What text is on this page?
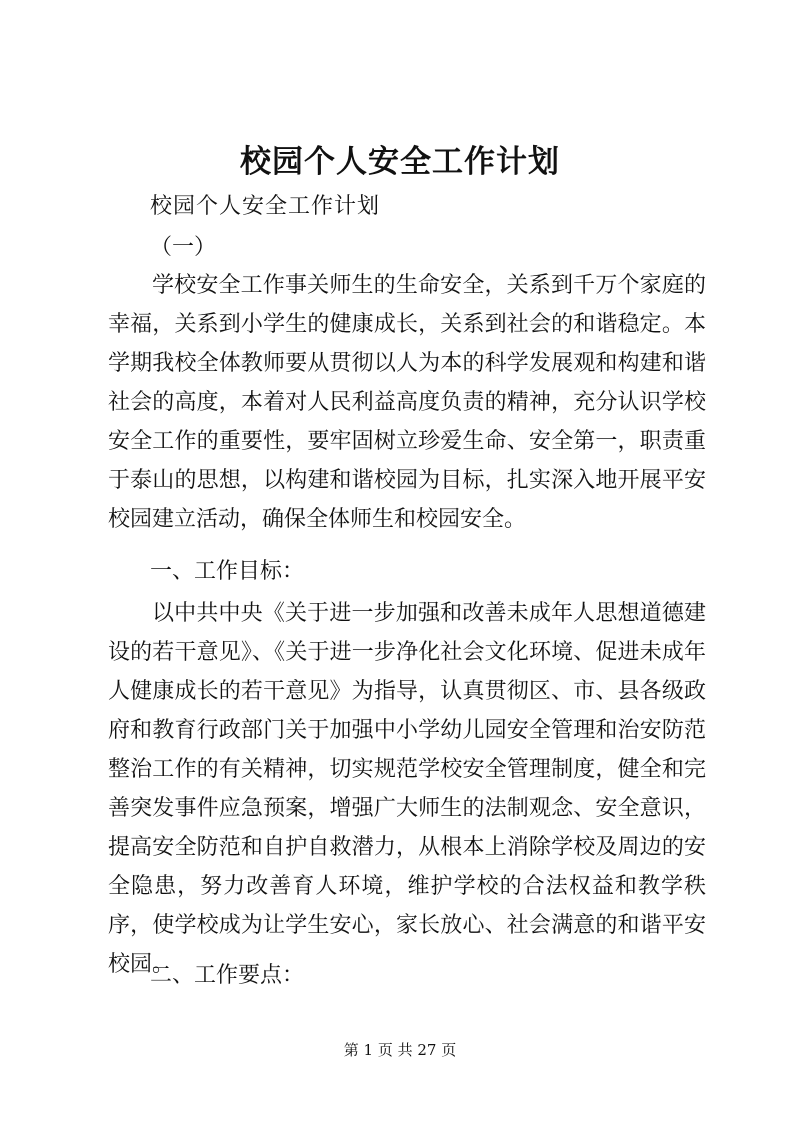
校园个人安全工作计划
校园个人安全工作计划
（一）

学校安全工作事关师生的生命安全，关系到千万个家庭的幸福，关系到小学生的健康成长，关系到社会的和谐稳定。本学期我校全体教师要从贯彻以人为本的科学发展观和构建和谐社会的高度，本着对人民利益高度负责的精神，充分认识学校安全工作的重要性，要牢固树立珍爱生命、安全第一，职责重于泰山的思想，以构建和谐校园为目标，扎实深入地开展平安校园建立活动，确保全体师生和校园安全。

一、工作目标：

以中共中央《关于进一步加强和改善未成年人思想道德建设的若干意见》、《关于进一步净化社会文化环境、促进未成年人健康成长的若干意见》为指导，认真贯彻区、市、县各级政府和教育行政部门关于加强中小学幼儿园安全管理和治安防范整治工作的有关精神，切实规范学校安全管理制度，健全和完善突发事件应急预案，增强广大师生的法制观念、安全意识，提高安全防范和自护自救潜力，从根本上消除学校及周边的安全隐患，努力改善育人环境，维护学校的合法权益和教学秩序，使学校成为让学生安心，家长放心、社会满意的和谐平安校园。

二、工作要点：
第 1 页 共 27 页
